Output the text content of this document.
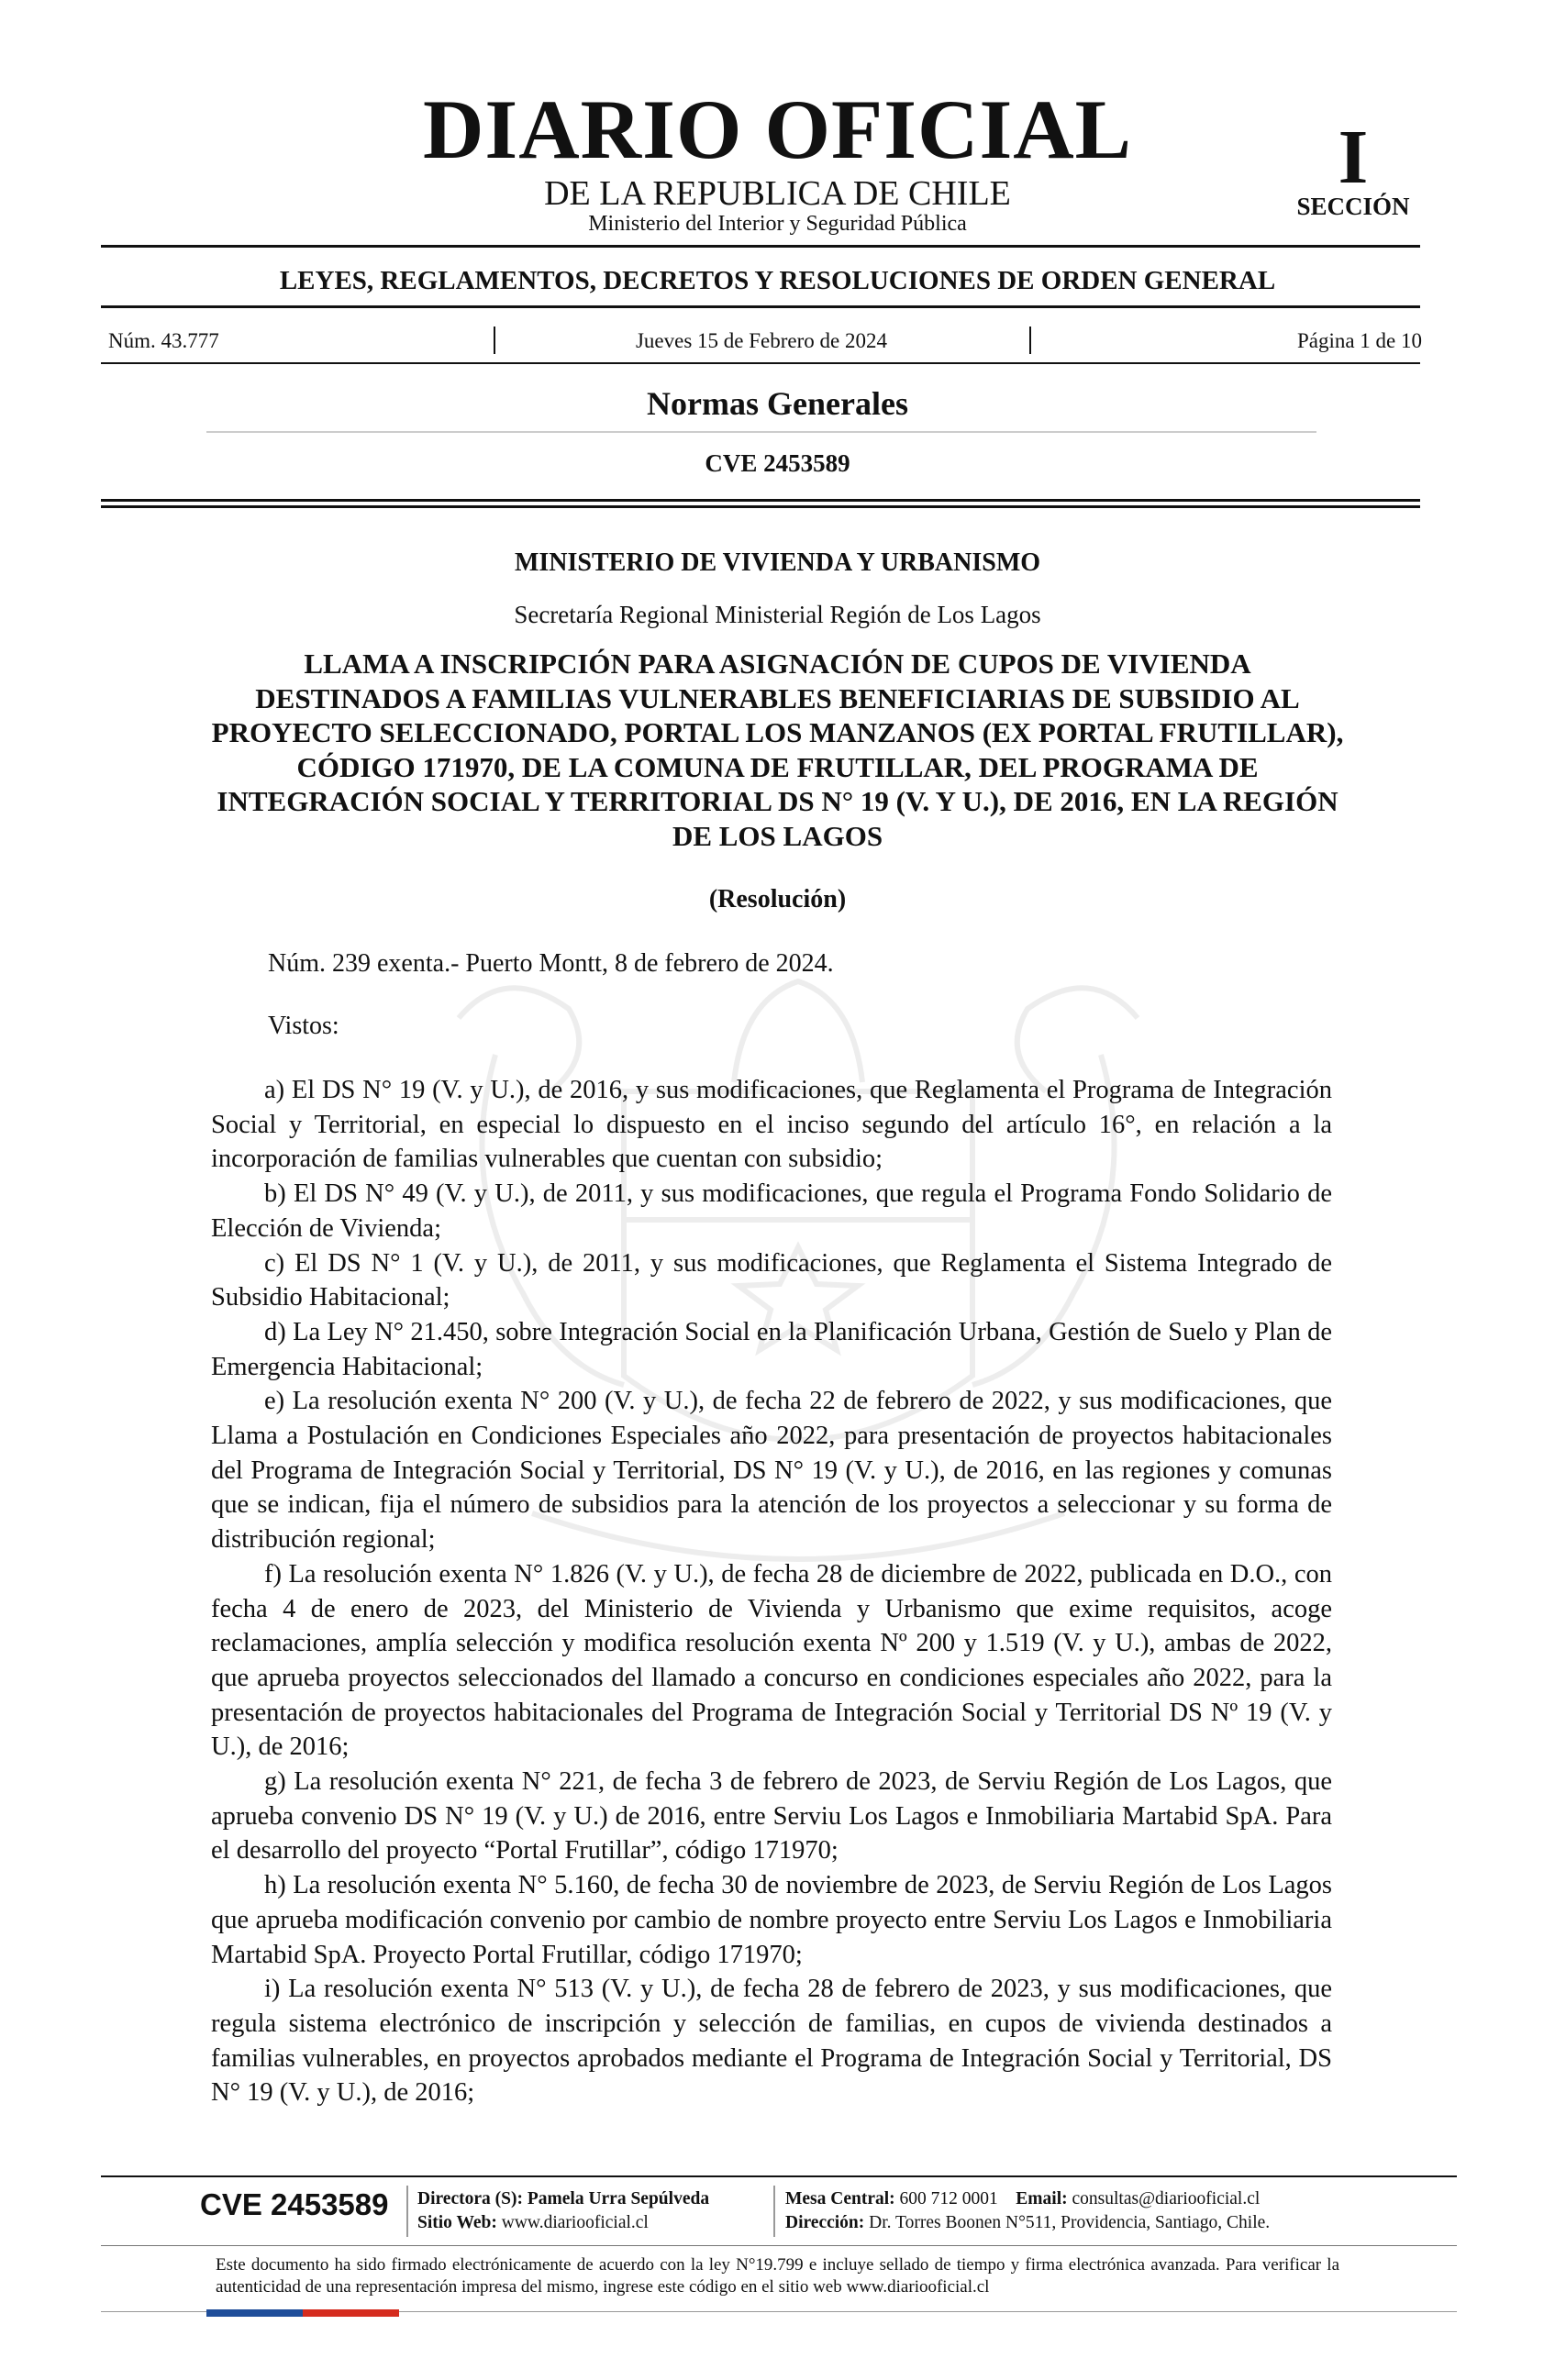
DIARIO OFICIAL
DE LA REPUBLICA DE CHILE
Ministerio del Interior y Seguridad Pública
I
SECCIÓN
LEYES, REGLAMENTOS, DECRETOS Y RESOLUCIONES DE ORDEN GENERAL
Núm. 43.777	Jueves 15 de Febrero de 2024	Página 1 de 10
Normas Generales
CVE 2453589
MINISTERIO DE VIVIENDA Y URBANISMO
Secretaría Regional Ministerial Región de Los Lagos
LLAMA A INSCRIPCIÓN PARA ASIGNACIÓN DE CUPOS DE VIVIENDA DESTINADOS A FAMILIAS VULNERABLES BENEFICIARIAS DE SUBSIDIO AL PROYECTO SELECCIONADO, PORTAL LOS MANZANOS (EX PORTAL FRUTILLAR), CÓDIGO 171970, DE LA COMUNA DE FRUTILLAR, DEL PROGRAMA DE INTEGRACIÓN SOCIAL Y TERRITORIAL DS N° 19 (V. Y U.), DE 2016, EN LA REGIÓN DE LOS LAGOS
(Resolución)
Núm. 239 exenta.- Puerto Montt, 8 de febrero de 2024.
Vistos:

a) El DS N° 19 (V. y U.), de 2016, y sus modificaciones, que Reglamenta el Programa de Integración Social y Territorial, en especial lo dispuesto en el inciso segundo del artículo 16°, en relación a la incorporación de familias vulnerables que cuentan con subsidio;

b) El DS N° 49 (V. y U.), de 2011, y sus modificaciones, que regula el Programa Fondo Solidario de Elección de Vivienda;

c) El DS N° 1 (V. y U.), de 2011, y sus modificaciones, que Reglamenta el Sistema Integrado de Subsidio Habitacional;

d) La Ley N° 21.450, sobre Integración Social en la Planificación Urbana, Gestión de Suelo y Plan de Emergencia Habitacional;

e) La resolución exenta N° 200 (V. y U.), de fecha 22 de febrero de 2022, y sus modificaciones, que Llama a Postulación en Condiciones Especiales año 2022, para presentación de proyectos habitacionales del Programa de Integración Social y Territorial, DS N° 19 (V. y U.), de 2016, en las regiones y comunas que se indican, fija el número de subsidios para la atención de los proyectos a seleccionar y su forma de distribución regional;

f) La resolución exenta N° 1.826 (V. y U.), de fecha 28 de diciembre de 2022, publicada en D.O., con fecha 4 de enero de 2023, del Ministerio de Vivienda y Urbanismo que exime requisitos, acoge reclamaciones, amplía selección y modifica resolución exenta Nº 200 y 1.519 (V. y U.), ambas de 2022, que aprueba proyectos seleccionados del llamado a concurso en condiciones especiales año 2022, para la presentación de proyectos habitacionales del Programa de Integración Social y Territorial DS Nº 19 (V. y U.), de 2016;

g) La resolución exenta N° 221, de fecha 3 de febrero de 2023, de Serviu Región de Los Lagos, que aprueba convenio DS N° 19 (V. y U.) de 2016, entre Serviu Los Lagos e Inmobiliaria Martabid SpA. Para el desarrollo del proyecto “Portal Frutillar”, código 171970;

h) La resolución exenta N° 5.160, de fecha 30 de noviembre de 2023, de Serviu Región de Los Lagos que aprueba modificación convenio por cambio de nombre proyecto entre Serviu Los Lagos e Inmobiliaria Martabid SpA. Proyecto Portal Frutillar, código 171970;

i) La resolución exenta N° 513 (V. y U.), de fecha 28 de febrero de 2023, y sus modificaciones, que regula sistema electrónico de inscripción y selección de familias, en cupos de vivienda destinados a familias vulnerables, en proyectos aprobados mediante el Programa de Integración Social y Territorial, DS N° 19 (V. y U.), de 2016;

CVE 2453589 Directora (S): Pamela Urra Sepúlveda
Sitio Web: www.diariooficial.cl
Mesa Central: 600 712 0001 Email: consultas@diariooficial.cl
Dirección: Dr. Torres Boonen N°511, Providencia, Santiago, Chile.
Este documento ha sido firmado electrónicamente de acuerdo con la ley N°19.799 e incluye sellado de tiempo y firma electrónica avanzada. Para verificar la autenticidad de una representación impresa del mismo, ingrese este código en el sitio web www.diariooficial.cl
